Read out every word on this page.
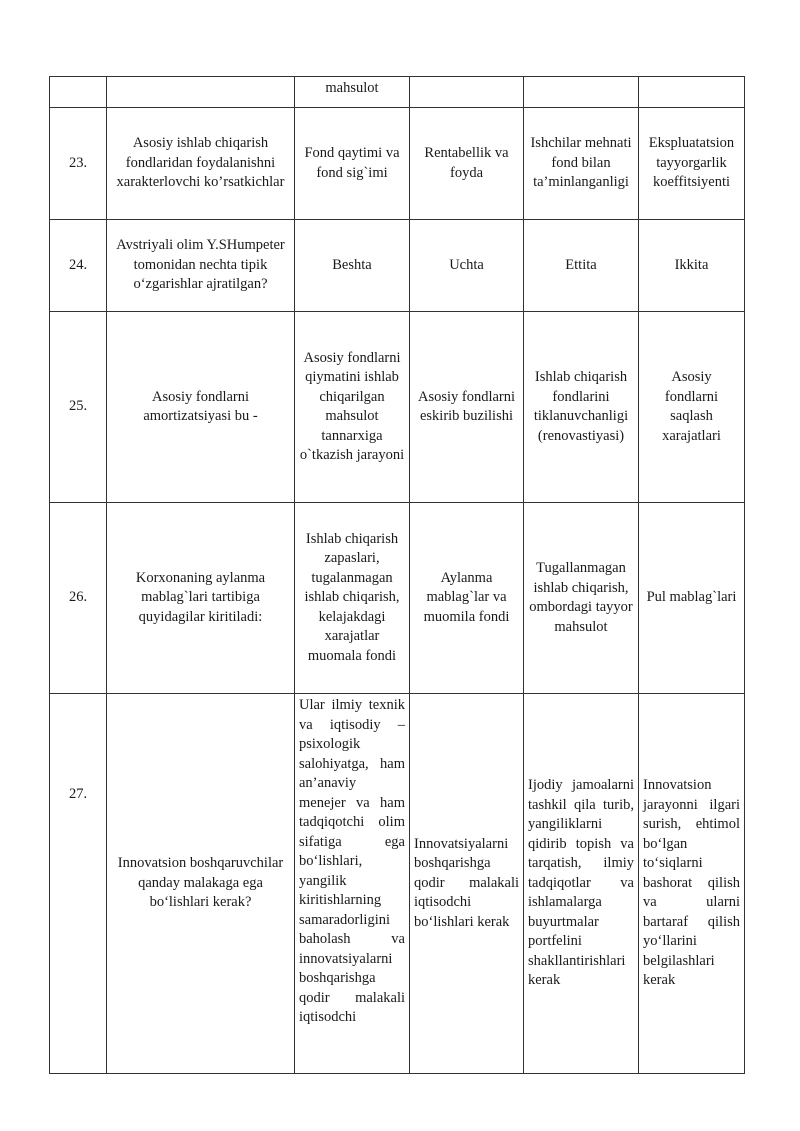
		mahsulot			
23.	Asosiy ishlab chiqarish fondlaridan foydalanishni xarakterlovchi ko’rsatkichlar	Fond qaytimi va fond sig`imi	Rentabellik va foyda	Ishchilar mehnati fond bilan ta’minlanganligi	Ekspluatatsion tayyorgarlik koeffitsiyenti
24.	Avstriyali olim Y.SHumpeter tomonidan nechta tipik o‘zgarishlar ajratilgan?	Beshta	Uchta	Ettita	Ikkita
25.	Asosiy fondlarni amortizatsiyasi bu -	Asosiy fondlarni qiymatini ishlab chiqarilgan mahsulot tannarxiga o`tkazish jarayoni	Asosiy fondlarni eskirib buzilishi	Ishlab chiqarish fondlarini tiklanuvchanligi (renovastiyasi)	Asosiy fondlarni saqlash xarajatlari
26.	Korxonaning aylanma mablag`lari tartibiga quyidagilar kiritiladi:	Ishlab chiqarish zapaslari, tugalanmagan ishlab chiqarish, kelajakdagi xarajatlar muomala fondi	Aylanma mablag`lar va muomila fondi	Tugallanmagan ishlab chiqarish, ombordagi tayyor mahsulot	Pul mablag`lari
27.	Innovatsion boshqaruvchilar qanday malakaga ega bo‘lishlari kerak?	Ular ilmiy texnik va iqtisodiy – psixologik salohiyatga, ham an’anaviy menejer va ham tadqiqotchi olim sifatiga ega bo‘lishlari, yangilik kiritishlarning samaradorligini baholash va innovatsiyalarni boshqarishga qodir malakali iqtisodchi	Innovatsiyalarni boshqarishga qodir malakali iqtisodchi bo‘lishlari kerak	Ijodiy jamoalarni tashkil qila turib, yangiliklarni qidirib topish va tarqatish, ilmiy tadqiqotlar va ishlamalarga buyurtmalar portfelini shakllantirishlari kerak	Innovatsion jarayonni ilgari surish, ehtimol bo‘lgan to‘siqlarni bashorat qilish va ularni bartaraf qilish yo‘llarini belgilashlari kerak
